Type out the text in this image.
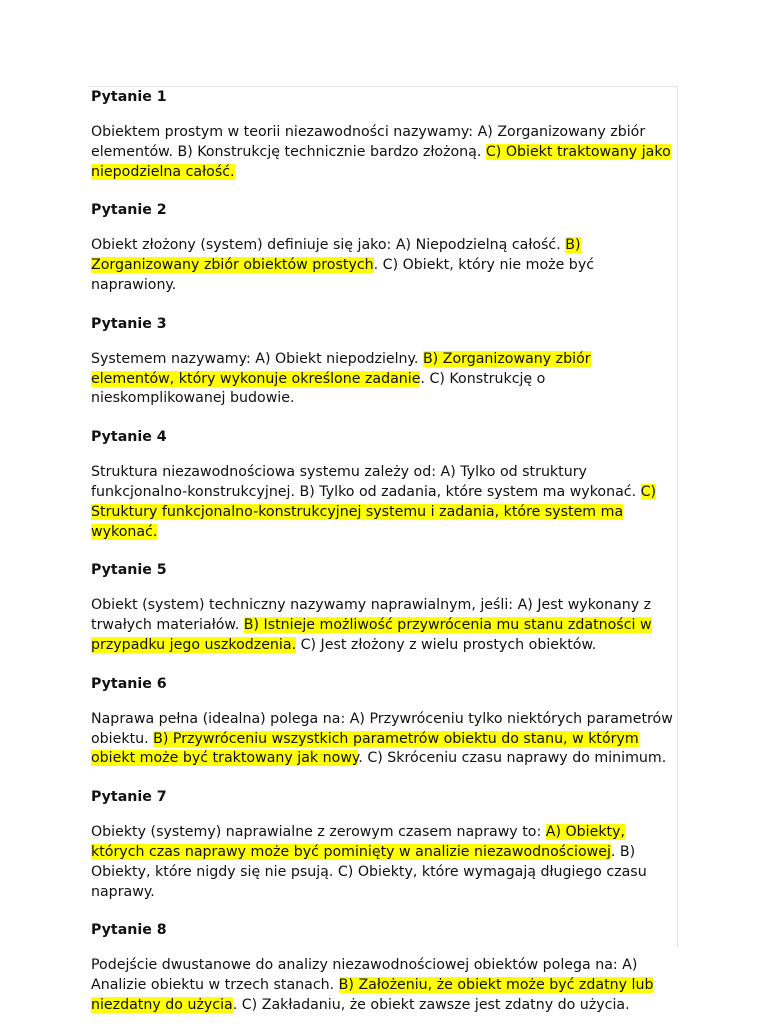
Pytanie 1
Obiektem prostym w teorii niezawodności nazywamy: A) Zorganizowany zbiór elementów. B) Konstrukcję technicznie bardzo złożoną. C) Obiekt traktowany jako niepodzielna całość.
Pytanie 2
Obiekt złożony (system) definiuje się jako: A) Niepodzielną całość. B) Zorganizowany zbiór obiektów prostych. C) Obiekt, który nie może być naprawiony.
Pytanie 3
Systemem nazywamy: A) Obiekt niepodzielny. B) Zorganizowany zbiór elementów, który wykonuje określone zadanie. C) Konstrukcję o nieskomplikowanej budowie.
Pytanie 4
Struktura niezawodnościowa systemu zależy od: A) Tylko od struktury funkcjonalno-konstrukcyjnej. B) Tylko od zadania, które system ma wykonać. C) Struktury funkcjonalno-konstrukcyjnej systemu i zadania, które system ma wykonać.
Pytanie 5
Obiekt (system) techniczny nazywamy naprawialnym, jeśli: A) Jest wykonany z trwałych materiałów. B) Istnieje możliwość przywrócenia mu stanu zdatności w przypadku jego uszkodzenia. C) Jest złożony z wielu prostych obiektów.
Pytanie 6
Naprawa pełna (idealna) polega na: A) Przywróceniu tylko niektórych parametrów obiektu. B) Przywróceniu wszystkich parametrów obiektu do stanu, w którym obiekt może być traktowany jak nowy. C) Skróceniu czasu naprawy do minimum.
Pytanie 7
Obiekty (systemy) naprawialne z zerowym czasem naprawy to: A) Obiekty, których czas naprawy może być pominięty w analizie niezawodnościowej. B) Obiekty, które nigdy się nie psują. C) Obiekty, które wymagają długiego czasu naprawy.
Pytanie 8
Podejście dwustanowe do analizy niezawodnościowej obiektów polega na: A) Analizie obiektu w trzech stanach. B) Założeniu, że obiekt może być zdatny lub niezdatny do użycia. C) Zakładaniu, że obiekt zawsze jest zdatny do użycia.
